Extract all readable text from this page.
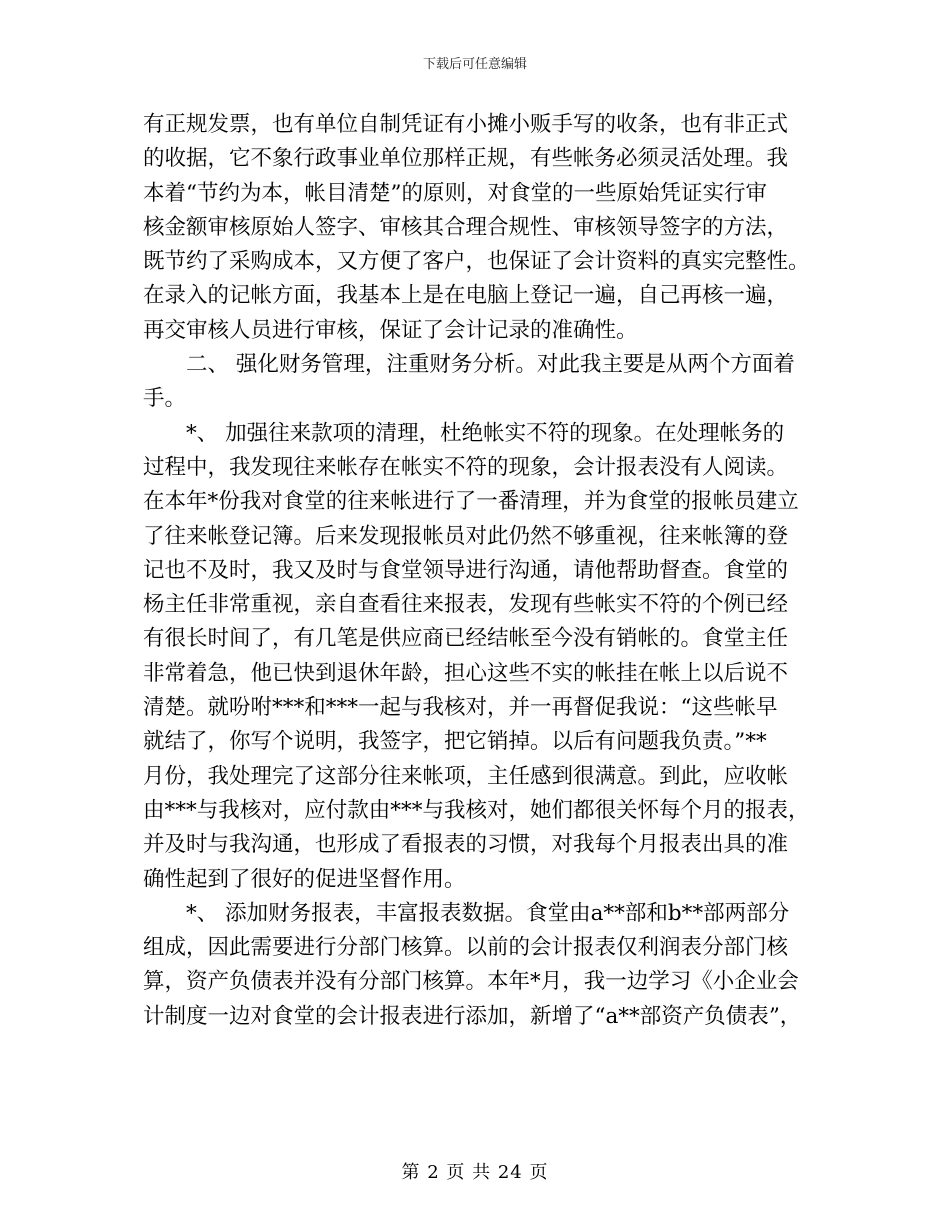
下载后可任意编辑
有正规发票，也有单位自制凭证有小摊小贩手写的收条，也有非正式
的收据，它不象行政事业单位那样正规，有些帐务必须灵活处理。我
本着“节约为本，帐目清楚”的原则，对食堂的一些原始凭证实行审
核金额审核原始人签字、审核其合理合规性、审核领导签字的方法，
既节约了采购成本，又方便了客户，也保证了会计资料的真实完整性。
在录入的记帐方面，我基本上是在电脑上登记一遍，自己再核一遍，
再交审核人员进行审核，保证了会计记录的准确性。
二、 强化财务管理，注重财务分析。对此我主要是从两个方面着
手。
*、 加强往来款项的清理，杜绝帐实不符的现象。在处理帐务的
过程中，我发现往来帐存在帐实不符的现象，会计报表没有人阅读。
在本年*份我对食堂的往来帐进行了一番清理，并为食堂的报帐员建立
了往来帐登记簿。后来发现报帐员对此仍然不够重视，往来帐簿的登
记也不及时，我又及时与食堂领导进行沟通，请他帮助督查。食堂的
杨主任非常重视，亲自查看往来报表，发现有些帐实不符的个例已经
有很长时间了，有几笔是供应商已经结帐至今没有销帐的。食堂主任
非常着急，他已快到退休年龄，担心这些不实的帐挂在帐上以后说不
清楚。就吩咐***和***一起与我核对，并一再督促我说：“这些帐早
就结了，你写个说明，我签字，把它销掉。以后有问题我负责。”**
月份，我处理完了这部分往来帐项，主任感到很满意。到此，应收帐
由***与我核对，应付款由***与我核对，她们都很关怀每个月的报表，
并及时与我沟通，也形成了看报表的习惯，对我每个月报表出具的准
确性起到了很好的促进坚督作用。
*、 添加财务报表，丰富报表数据。食堂由a**部和b**部两部分
组成，因此需要进行分部门核算。以前的会计报表仅利润表分部门核
算，资产负债表并没有分部门核算。本年*月，我一边学习《小企业会
计制度一边对食堂的会计报表进行添加，新增了“a**部资产负债表”，
第 2 页 共 24 页
